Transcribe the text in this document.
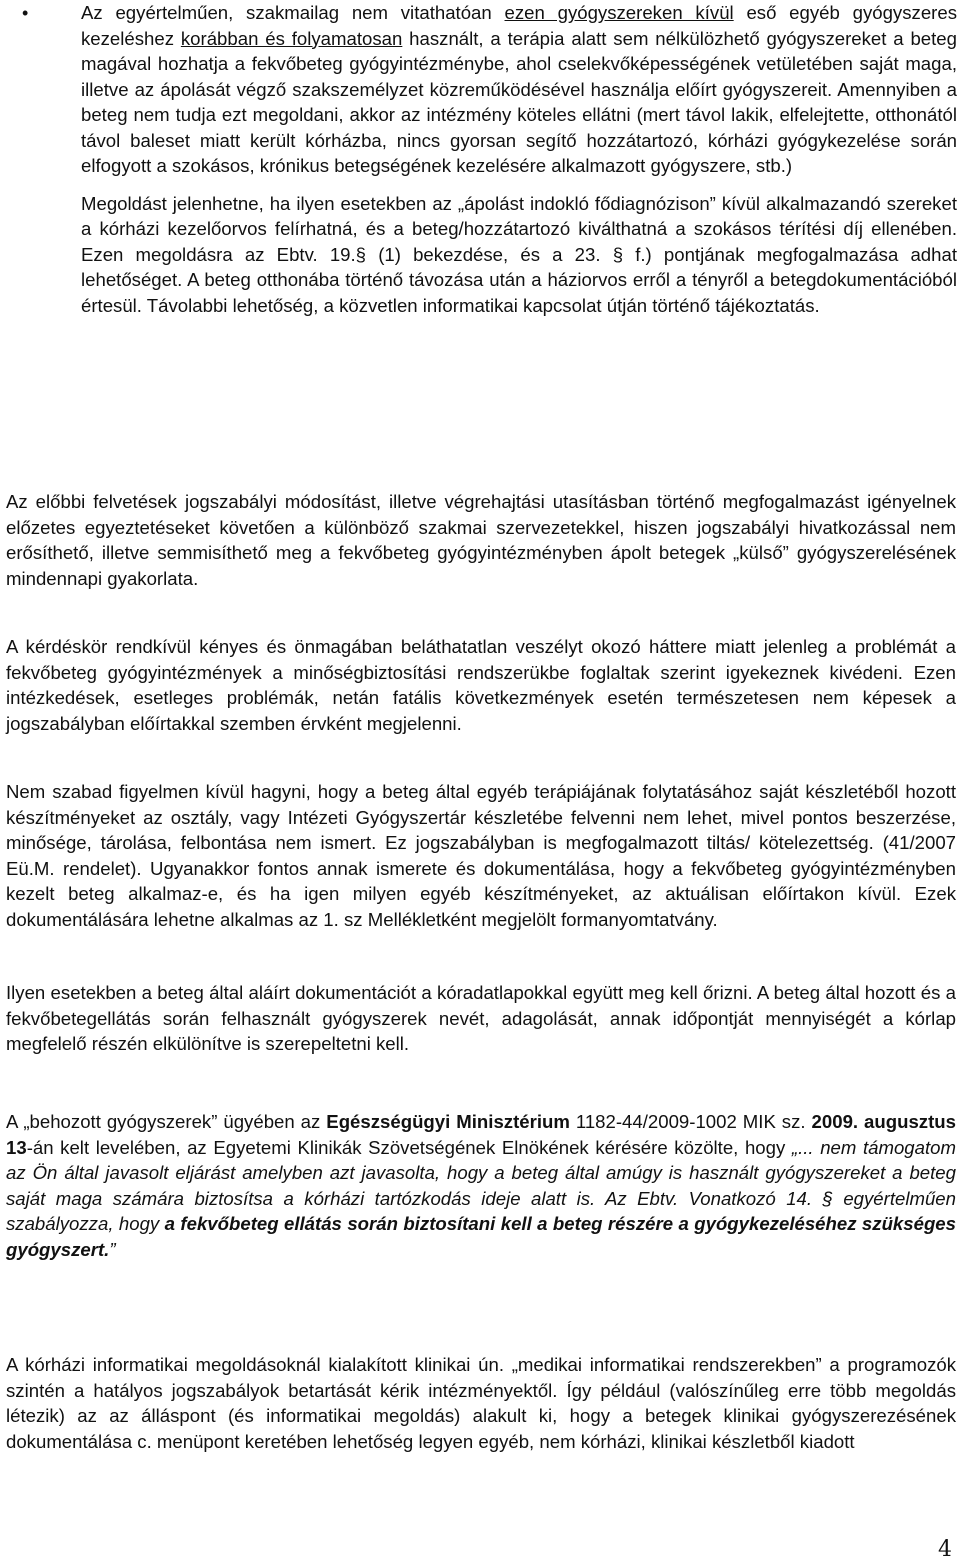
•	Az egyértelműen, szakmailag nem vitathatóan ezen gyógyszereken kívül eső egyéb gyógyszeres kezeléshez korábban és folyamatosan használt, a terápia alatt sem nélkülözhető gyógyszereket a beteg magával hozhatja a fekvőbeteg gyógyintézménybe, ahol cselekvőképességének vetületében saját maga, illetve az ápolását végző szakszemélyzet közreműködésével használja előírt gyógyszereit. Amennyiben a beteg nem tudja ezt megoldani, akkor az intézmény köteles ellátni (mert távol lakik, elfelejtette, otthonától távol baleset miatt került kórházba, nincs gyorsan segítő hozzátartozó, kórházi gyógykezelése során elfogyott a szokásos, krónikus betegségének kezelésére alkalmazott gyógyszere, stb.)

Megoldást jelenhetne, ha ilyen esetekben az „ápolást indokló fődiagnózison” kívül alkalmazandó szereket a kórházi kezelőorvos felírhatná, és a beteg/hozzátartozó kiválthatná a szokásos térítési díj ellenében. Ezen megoldásra az Ebtv. 19.§ (1) bekezdése, és a 23. § f.) pontjának megfogalmazása adhat lehetőséget. A beteg otthonába történő távozása után a háziorvos erről a tényről a betegdokumentációból értesül. Távolabbi lehetőség, a közvetlen informatikai kapcsolat útján történő tájékoztatás.

Az előbbi felvetések jogszabályi módosítást, illetve végrehajtási utasításban történő megfogalmazást igényelnek előzetes egyeztetéseket követően a különböző szakmai szervezetekkel, hiszen jogszabályi hivatkozással nem erősíthető, illetve semmisíthető meg a fekvőbeteg gyógyintézményben ápolt betegek „külső” gyógyszerelésének mindennapi gyakorlata.

A kérdéskör rendkívül kényes és önmagában beláthatatlan veszélyt okozó háttere miatt jelenleg a problémát a fekvőbeteg gyógyintézmények a minőségbiztosítási rendszerükbe foglaltak szerint igyekeznek kivédeni. Ezen intézkedések, esetleges problémák, netán fatális következmények esetén természetesen nem képesek a jogszabályban előírtakkal szemben érvként megjelenni.

Nem szabad figyelmen kívül hagyni, hogy a beteg által egyéb terápiájának folytatásához saját készletéből hozott készítményeket az osztály, vagy Intézeti Gyógyszertár készletébe felvenni nem lehet, mivel pontos beszerzése, minősége, tárolása, felbontása nem ismert. Ez jogszabályban is megfogalmazott tiltás/ kötelezettség. (41/2007 Eü.M. rendelet). Ugyanakkor fontos annak ismerete és dokumentálása, hogy a fekvőbeteg gyógyintézményben kezelt beteg alkalmaz-e, és ha igen milyen egyéb készítményeket, az aktuálisan előírtakon kívül. Ezek dokumentálására lehetne alkalmas az 1. sz Mellékletként megjelölt formanyomtatvány.

Ilyen esetekben a beteg által aláírt dokumentációt a kóradatlapokkal együtt meg kell őrizni. A beteg által hozott és a fekvőbetegellátás során felhasznált gyógyszerek nevét, adagolását, annak időpontját mennyiségét a kórlap megfelelő részén elkülönítve is szerepeltetni kell.

A „behozott gyógyszerek” ügyében az Egészségügyi Minisztérium 1182-44/2009-1002 MIK sz. 2009. augusztus 13-án kelt levelében, az Egyetemi Klinikák Szövetségének Elnökének kérésére közölte, hogy „... nem támogatom az Ön által javasolt eljárást amelyben azt javasolta, hogy a beteg által amúgy is használt gyógyszereket a beteg saját maga számára biztosítsa a kórházi tartózkodás ideje alatt is. Az Ebtv. Vonatkozó 14. § egyértelműen szabályozza, hogy a fekvőbeteg ellátás során biztosítani kell a beteg részére a gyógykezeléséhez szükséges gyógyszert.”

A kórházi informatikai megoldásoknál kialakított klinikai ún. „medikai informatikai rendszerekben” a programozók szintén a hatályos jogszabályok betartását kérik intézményektől. Így például (valószínűleg erre több megoldás létezik) az az álláspont (és informatikai megoldás) alakult ki, hogy a betegek klinikai gyógyszerezésének dokumentálása c. menüpont keretében lehetőség legyen egyéb, nem kórházi, klinikai készletből kiadott

4
